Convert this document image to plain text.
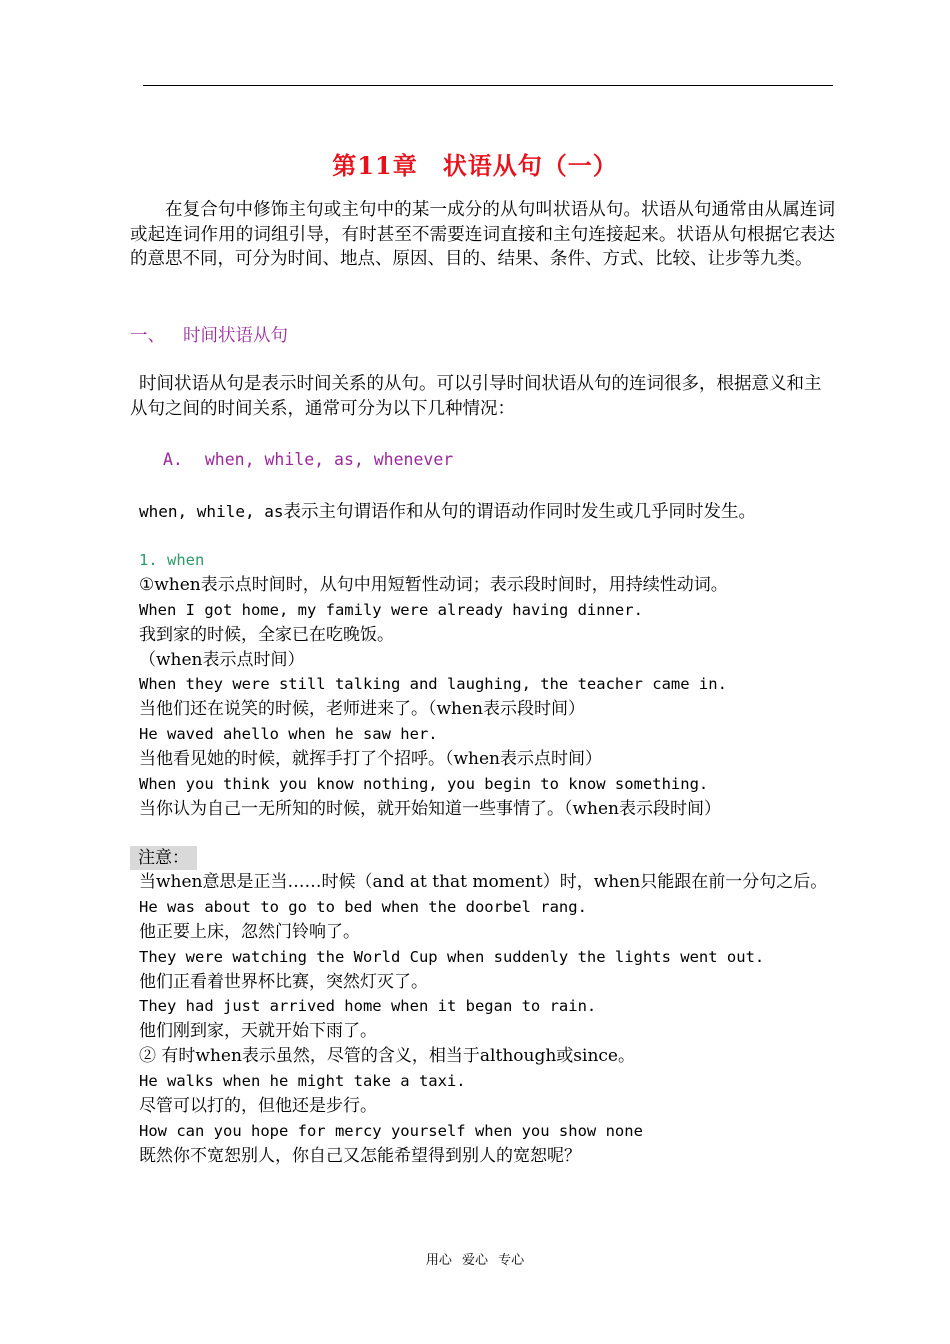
第11章　状语从句（一）

在复合句中修饰主句或主句中的某一成分的从句叫状语从句。状语从句通常由从属连词或起连词作用的词组引导，有时甚至不需要连词直接和主句连接起来。状语从句根据它表达的意思不同，可分为时间、地点、原因、目的、结果、条件、方式、比较、让步等九类。

一、 时间状语从句

时间状语从句是表示时间关系的从句。可以引导时间状语从句的连词很多，根据意义和主从句之间的时间关系，通常可分为以下几种情况：

A. when, while, as, whenever

when, while, as表示主句谓语作和从句的谓语动作同时发生或几乎同时发生。

1. when
①when表示点时间时，从句中用短暂性动词；表示段时间时，用持续性动词。
When I got home, my family were already having dinner.
我到家的时候，全家已在吃晚饭。
（when表示点时间）
When they were still talking and laughing, the teacher came in.
当他们还在说笑的时候，老师进来了。（when表示段时间）
He waved ahello when he saw her.
当他看见她的时候，就挥手打了个招呼。（when表示点时间）
When you think you know nothing, you begin to know something.
当你认为自己一无所知的时候，就开始知道一些事情了。（when表示段时间）
注意：
当when意思是正当……时候（and at that moment）时，when只能跟在前一分句之后。
He was about to go to bed when the doorbel rang.
他正要上床，忽然门铃响了。
They were watching the World Cup when suddenly the lights went out.
他们正看着世界杯比赛，突然灯灭了。
They had just arrived home when it began to rain.
他们刚到家，天就开始下雨了。
② 有时when表示虽然，尽管的含义，相当于although或since。
He walks when he might take a taxi.
尽管可以打的，但他还是步行。
How can you hope for mercy yourself when you show none
既然你不宽恕别人，你自己又怎能希望得到别人的宽恕呢？
用心 爱心 专心
